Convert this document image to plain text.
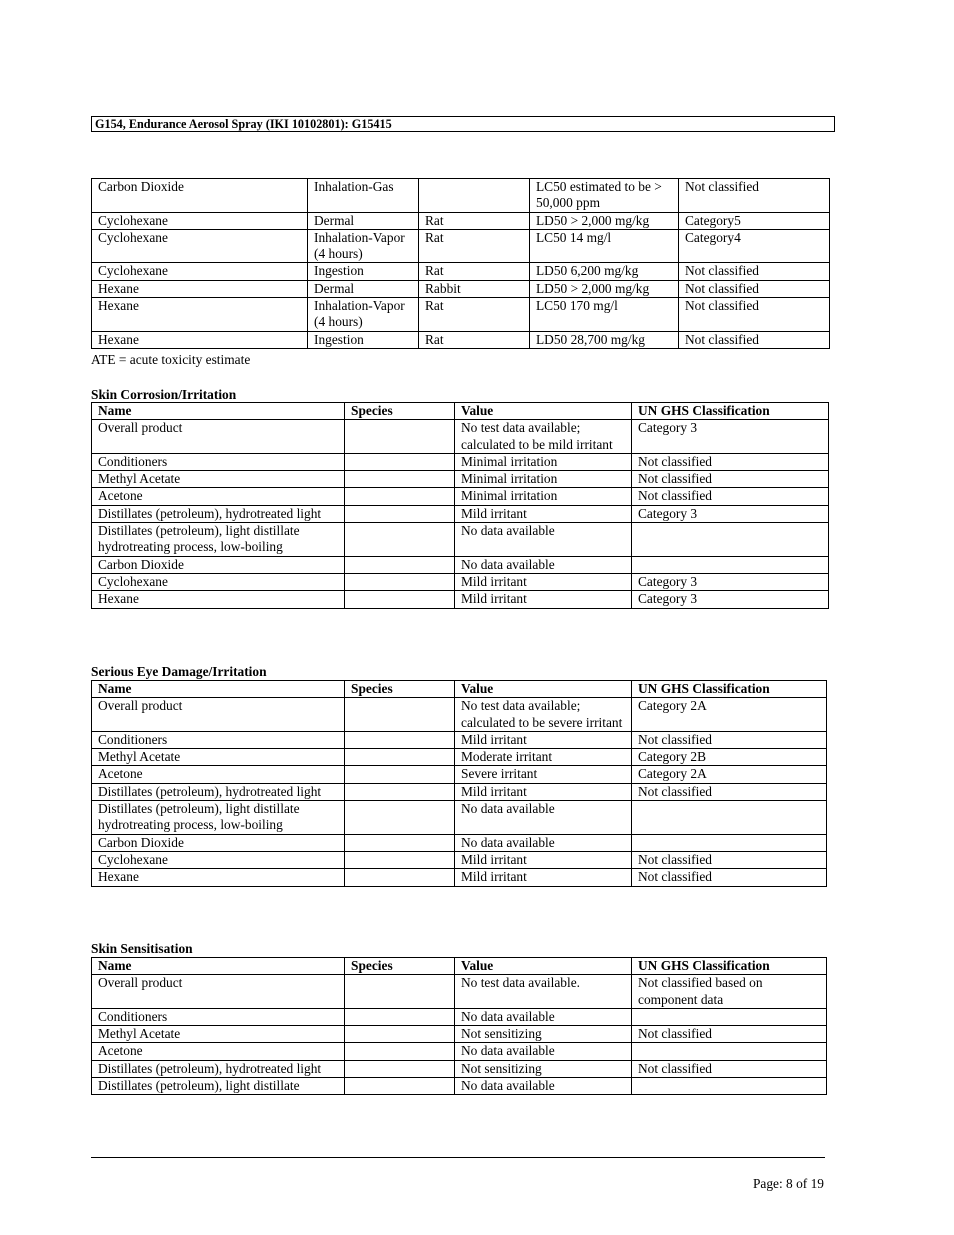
G154, Endurance Aerosol Spray (IKI 10102801): G15415
Carbon Dioxide	Inhalation-Gas		LC50 estimated to be > 50,000 ppm	Not classified
Cyclohexane	Dermal	Rat	LD50 > 2,000 mg/kg	Category5
Cyclohexane	Inhalation-Vapor (4 hours)	Rat	LC50 14 mg/l	Category4
Cyclohexane	Ingestion	Rat	LD50 6,200 mg/kg	Not classified
Hexane	Dermal	Rabbit	LD50 > 2,000 mg/kg	Not classified
Hexane	Inhalation-Vapor (4 hours)	Rat	LC50 170 mg/l	Not classified
Hexane	Ingestion	Rat	LD50 28,700 mg/kg	Not classified
ATE = acute toxicity estimate
Skin Corrosion/Irritation
Name	Species	Value	UN GHS Classification
Overall product		No test data available; calculated to be mild irritant	Category 3
Conditioners		Minimal irritation	Not classified
Methyl Acetate		Minimal irritation	Not classified
Acetone		Minimal irritation	Not classified
Distillates (petroleum), hydrotreated light		Mild irritant	Category 3
Distillates (petroleum), light distillate hydrotreating process, low-boiling		No data available	
Carbon Dioxide		No data available	
Cyclohexane		Mild irritant	Category 3
Hexane		Mild irritant	Category 3
Serious Eye Damage/Irritation
Name	Species	Value	UN GHS Classification
Overall product		No test data available; calculated to be severe irritant	Category 2A
Conditioners		Mild irritant	Not classified
Methyl Acetate		Moderate irritant	Category 2B
Acetone		Severe irritant	Category 2A
Distillates (petroleum), hydrotreated light		Mild irritant	Not classified
Distillates (petroleum), light distillate hydrotreating process, low-boiling		No data available	
Carbon Dioxide		No data available	
Cyclohexane		Mild irritant	Not classified
Hexane		Mild irritant	Not classified
Skin Sensitisation
Name	Species	Value	UN GHS Classification
Overall product		No test data available.	Not classified based on component data
Conditioners		No data available	
Methyl Acetate		Not sensitizing	Not classified
Acetone		No data available	
Distillates (petroleum), hydrotreated light		Not sensitizing	Not classified
Distillates (petroleum), light distillate		No data available	
Page: 8 of 19
